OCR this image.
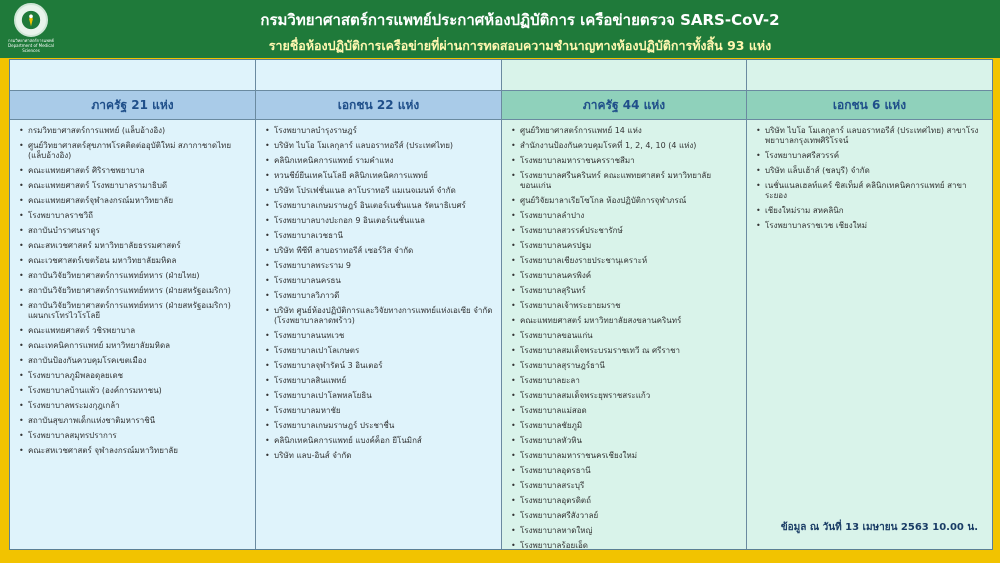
กรมวิทยาศาสตร์การแพทย์ Department of Medical Sciences
กรมวิทยาศาสตร์การแพทย์ประกาศห้องปฏิบัติการ เครือข่ายตรวจ SARS-CoV-2
รายชื่อห้องปฏิบัติการเครือข่ายที่ผ่านการทดสอบความชำนาญทางห้องปฏิบัติการทั้งสิ้น 93 แห่ง
ภาครัฐ 21 แห่ง
• กรมวิทยาศาสตร์การแพทย์ (แล็บอ้างอิง)
• ศูนย์วิทยาศาสตร์สุขภาพโรคติดต่ออุบัติใหม่ สภากาชาดไทย (แล็บอ้างอิง)
• คณะแพทยศาสตร์ ศิริราชพยาบาล
• คณะแพทยศาสตร์ โรงพยาบาลรามาธิบดี
• คณะแพทยศาสตร์จุฬาลงกรณ์มหาวิทยาลัย
• โรงพยาบาลราชวิถี
• สถาบันบำราศนราดูร
• คณะสหเวชศาสตร์ มหาวิทยาลัยธรรมศาสตร์
• คณะเวชศาสตร์เขตร้อน มหาวิทยาลัยมหิดล
• สถาบันวิจัยวิทยาศาสตร์การแพทย์ทหาร (ฝ่ายไทย)
• สถาบันวิจัยวิทยาศาสตร์การแพทย์ทหาร (ฝ่ายสหรัฐอเมริกา)
• สถาบันวิจัยวิทยาศาสตร์การแพทย์ทหาร (ฝ่ายสหรัฐอเมริกา) แผนกเรโทรไวโรโลยี
• คณะแพทยศาสตร์ วชิรพยาบาล
• คณะเทคนิคการแพทย์ มหาวิทยาลัยมหิดล
• สถาบันป้องกันควบคุมโรคเขตเมือง
• โรงพยาบาลภูมิพลอดุลยเดช
• โรงพยาบาลบ้านแพ้ว (องค์การมหาชน)
• โรงพยาบาลพระมงกุฎเกล้า
• สถาบันสุขภาพเด็กแห่งชาติมหาราชินี
• โรงพยาบาลสมุทรปราการ
• คณะสหเวชศาสตร์ จุฬาลงกรณ์มหาวิทยาลัย
เอกชน 22 แห่ง
• โรงพยาบาลบำรุงราษฎร์
• บริษัท ไบโอ โมเลกุลาร์ แลบอราทอรีส์ (ประเทศไทย)
• คลินิกเทคนิคการแพทย์ รามคำแหง
• หวนชีย์ยีนเทคโนโลยี คลินิกเทคนิคการแพทย์
• บริษัท โปรเฟชั่นแนล ลาโบราทอรี แมเนจเมนท์ จำกัด
• โรงพยาบาลเกษมราษฎร์ อินเตอร์เนชั่นแนล รัตนาธิเบศร์
• โรงพยาบาลบางปะกอก 9 อินเตอร์เนชั่นแนล
• โรงพยาบาลเวชธานี
• บริษัท พีซีที ลาบอราทอรีส์ เซอร์วิส จำกัด
• โรงพยาบาลพระราม 9
• โรงพยาบาลนครธน
• โรงพยาบาลวิภาวดี
• บริษัท ศูนย์ห้องปฏิบัติการและวิจัยทางการแพทย์แห่งเอเซีย จำกัด (โรงพยาบาลลาดพร้าว)
• โรงพยาบาลนนทเวช
• โรงพยาบาลเปาโลเกษตร
• โรงพยาบาลจุฬารัตน์ 3 อินเตอร์
• โรงพยาบาลสินแพทย์
• โรงพยาบาลเปาโลพหลโยธิน
• โรงพยาบาลมหาชัย
• โรงพยาบาลเกษมราษฎร์ ประชาชื่น
• คลินิกเทคนิคการแพทย์ แบงค์ค็อก ยีโนมิกส์
• บริษัท แลบ-อินส์ จำกัด
ภาครัฐ 44 แห่ง
• ศูนย์วิทยาศาสตร์การแพทย์ 14 แห่ง
• สำนักงานป้องกันควบคุมโรคที่ 1, 2, 4, 10 (4 แห่ง)
• โรงพยาบาลมหาราชนครราชสีมา
• โรงพยาบาลศรีนครินทร์ คณะแพทยศาสตร์ มหาวิทยาลัยขอนแก่น
• ศูนย์วิจัยมาลาเรียโซโกล ห้องปฏิบัติการจุฬาภรณ์
• โรงพยาบาลลำปาง
• โรงพยาบาลสวรรค์ประชารักษ์
• โรงพยาบาลนครปฐม
• โรงพยาบาลเชียงรายประชานุเคราะห์
• โรงพยาบาลนครพิงค์
• โรงพยาบาลสุรินทร์
• โรงพยาบาลเจ้าพระยายมราช
• คณะแพทยศาสตร์ มหาวิทยาลัยสงขลานครินทร์
• โรงพยาบาลขอนแก่น
• โรงพยาบาลสมเด็จพระบรมราชเทวี ณ ศรีราชา
• โรงพยาบาลสุราษฎร์ธานี
• โรงพยาบาลยะลา
• โรงพยาบาลสมเด็จพระยุพราชสระแก้ว
• โรงพยาบาลแม่สอด
• โรงพยาบาลชัยภูมิ
• โรงพยาบาลหัวหิน
• โรงพยาบาลมหาราชนครเชียงใหม่
• โรงพยาบาลอุดรธานี
• โรงพยาบาลสระบุรี
• โรงพยาบาลอุตรดิตถ์
• โรงพยาบาลศรีสังวาลย์
• โรงพยาบาลหาดใหญ่
• โรงพยาบาลร้อยเอ็ด
เอกชน 6 แห่ง
• บริษัท ไบโอ โมเลกุลาร์ แลบอราทอรีส์ (ประเทศไทย) สาขาโรงพยาบาลกรุงเทพศิริโรจน์
• โรงพยาบาลศรีสวรรค์
• บริษัท แล็บเฮ้าส์ (ชลบุรี) จำกัด
• เนชั่นแนลเฮลท์แคร์ ซิสเท็มส์ คลินิกเทคนิคการแพทย์ สาขาระยอง
• เชียงใหม่ราม สหคลินิก
• โรงพยาบาลราชเวช เชียงใหม่
ข้อมูล ณ วันที่ 13 เมษายน 2563 10.00 น.
